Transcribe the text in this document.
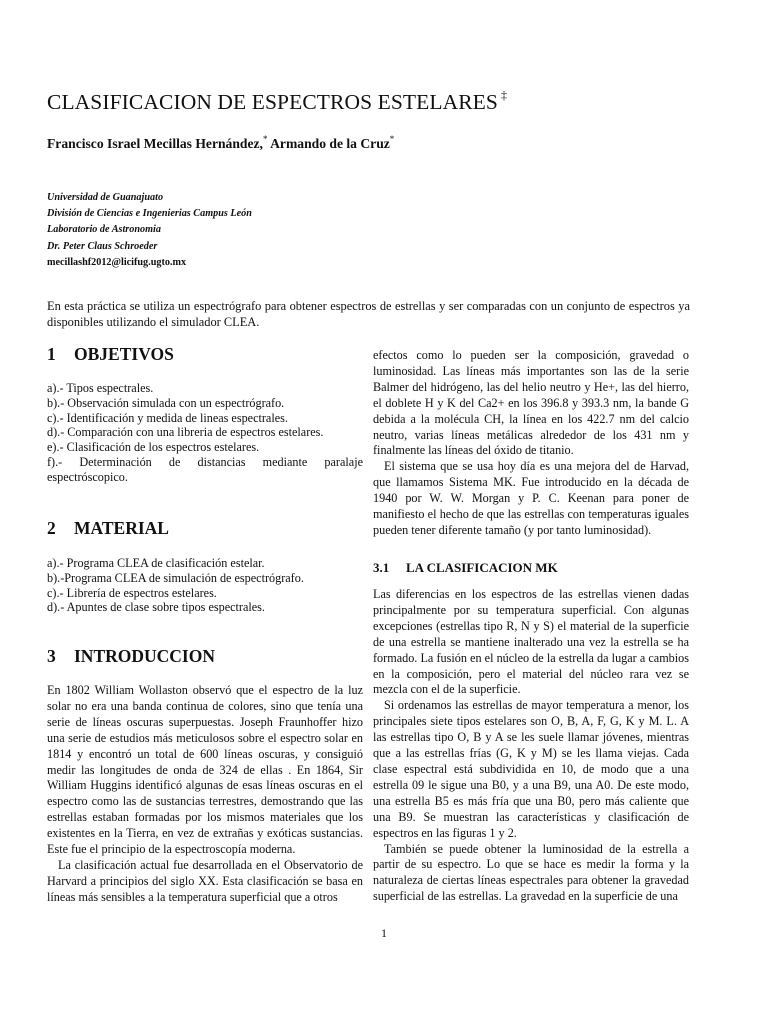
CLASIFICACION DE ESPECTROS ESTELARES ‡
Francisco Israel Mecillas Hernández,* Armando de la Cruz*
Universidad de Guanajuato
División de Ciencias e Ingenierias Campus León
Laboratorio de Astronomia
Dr. Peter Claus Schroeder
mecillashf2012@licifug.ugto.mx

En esta práctica se utiliza un espectrógrafo para obtener espectros de estrellas y ser comparadas con un conjunto de espectros ya disponibles utilizando el simulador CLEA.

1 OBJETIVOS
a).- Tipos espectrales.
b).- Observación simulada con un espectrógrafo.
c).- Identificación y medida de lineas espectrales.
d).- Comparación con una libreria de espectros estelares.
e).- Clasificación de los espectros estelares.
f).- Determinación de distancias mediante paralaje espectróscopico.
2 MATERIAL
a).- Programa CLEA de clasificación estelar.
b).-Programa CLEA de simulación de espectrógrafo.
c).- Librería de espectros estelares.
d).- Apuntes de clase sobre tipos espectrales.
3 INTRODUCCION

En 1802 William Wollaston observó que el espectro de la luz solar no era una banda continua de colores, sino que tenía una serie de líneas oscuras superpuestas. Joseph Fraunhoffer hizo una serie de estudios más meticulosos sobre el espectro solar en 1814 y encontró un total de 600 líneas oscuras, y consiguió medir las longitudes de onda de 324 de ellas . En 1864, Sir William Huggins identificó algunas de esas líneas oscuras en el espectro como las de sustancias terrestres, demostrando que las estrellas estaban formadas por los mismos materiales que los existentes en la Tierra, en vez de extrañas y exóticas sustancias. Este fue el principio de la espectroscopía moderna.

La clasificación actual fue desarrollada en el Observatorio de Harvard a principios del siglo XX. Esta clasificación se basa en líneas más sensibles a la temperatura superficial que a otros

efectos como lo pueden ser la composición, gravedad o luminosidad. Las líneas más importantes son las de la serie Balmer del hidrógeno, las del helio neutro y He+, las del hierro, el doblete H y K del Ca2+ en los 396.8 y 393.3 nm, la bande G debida a la molécula CH, la línea en los 422.7 nm del calcio neutro, varias líneas metálicas alrededor de los 431 nm y finalmente las líneas del óxido de titanio.

El sistema que se usa hoy día es una mejora del de Harvad, que llamamos Sistema MK. Fue introducido en la década de 1940 por W. W. Morgan y P. C. Keenan para poner de manifiesto el hecho de que las estrellas con temperaturas iguales pueden tener diferente tamaño (y por tanto luminosidad).

3.1 LA CLASIFICACION MK

Las diferencias en los espectros de las estrellas vienen dadas principalmente por su temperatura superficial. Con algunas excepciones (estrellas tipo R, N y S) el material de la superficie de una estrella se mantiene inalterado una vez la estrella se ha formado. La fusión en el núcleo de la estrella da lugar a cambios en la composición, pero el material del núcleo rara vez se mezcla con el de la superficie.

Si ordenamos las estrellas de mayor temperatura a menor, los principales siete tipos estelares son O, B, A, F, G, K y M. L. A las estrellas tipo O, B y A se les suele llamar jóvenes, mientras que a las estrellas frías (G, K y M) se les llama viejas. Cada clase espectral está subdividida en 10, de modo que a una estrella 09 le sigue una B0, y a una B9, una A0. De este modo, una estrella B5 es más fría que una B0, pero más caliente que una B9. Se muestran las características y clasificación de espectros en las figuras 1 y 2.

También se puede obtener la luminosidad de la estrella a partir de su espectro. Lo que se hace es medir la forma y la naturaleza de ciertas líneas espectrales para obtener la gravedad superficial de las estrellas. La gravedad en la superficie de una

1
